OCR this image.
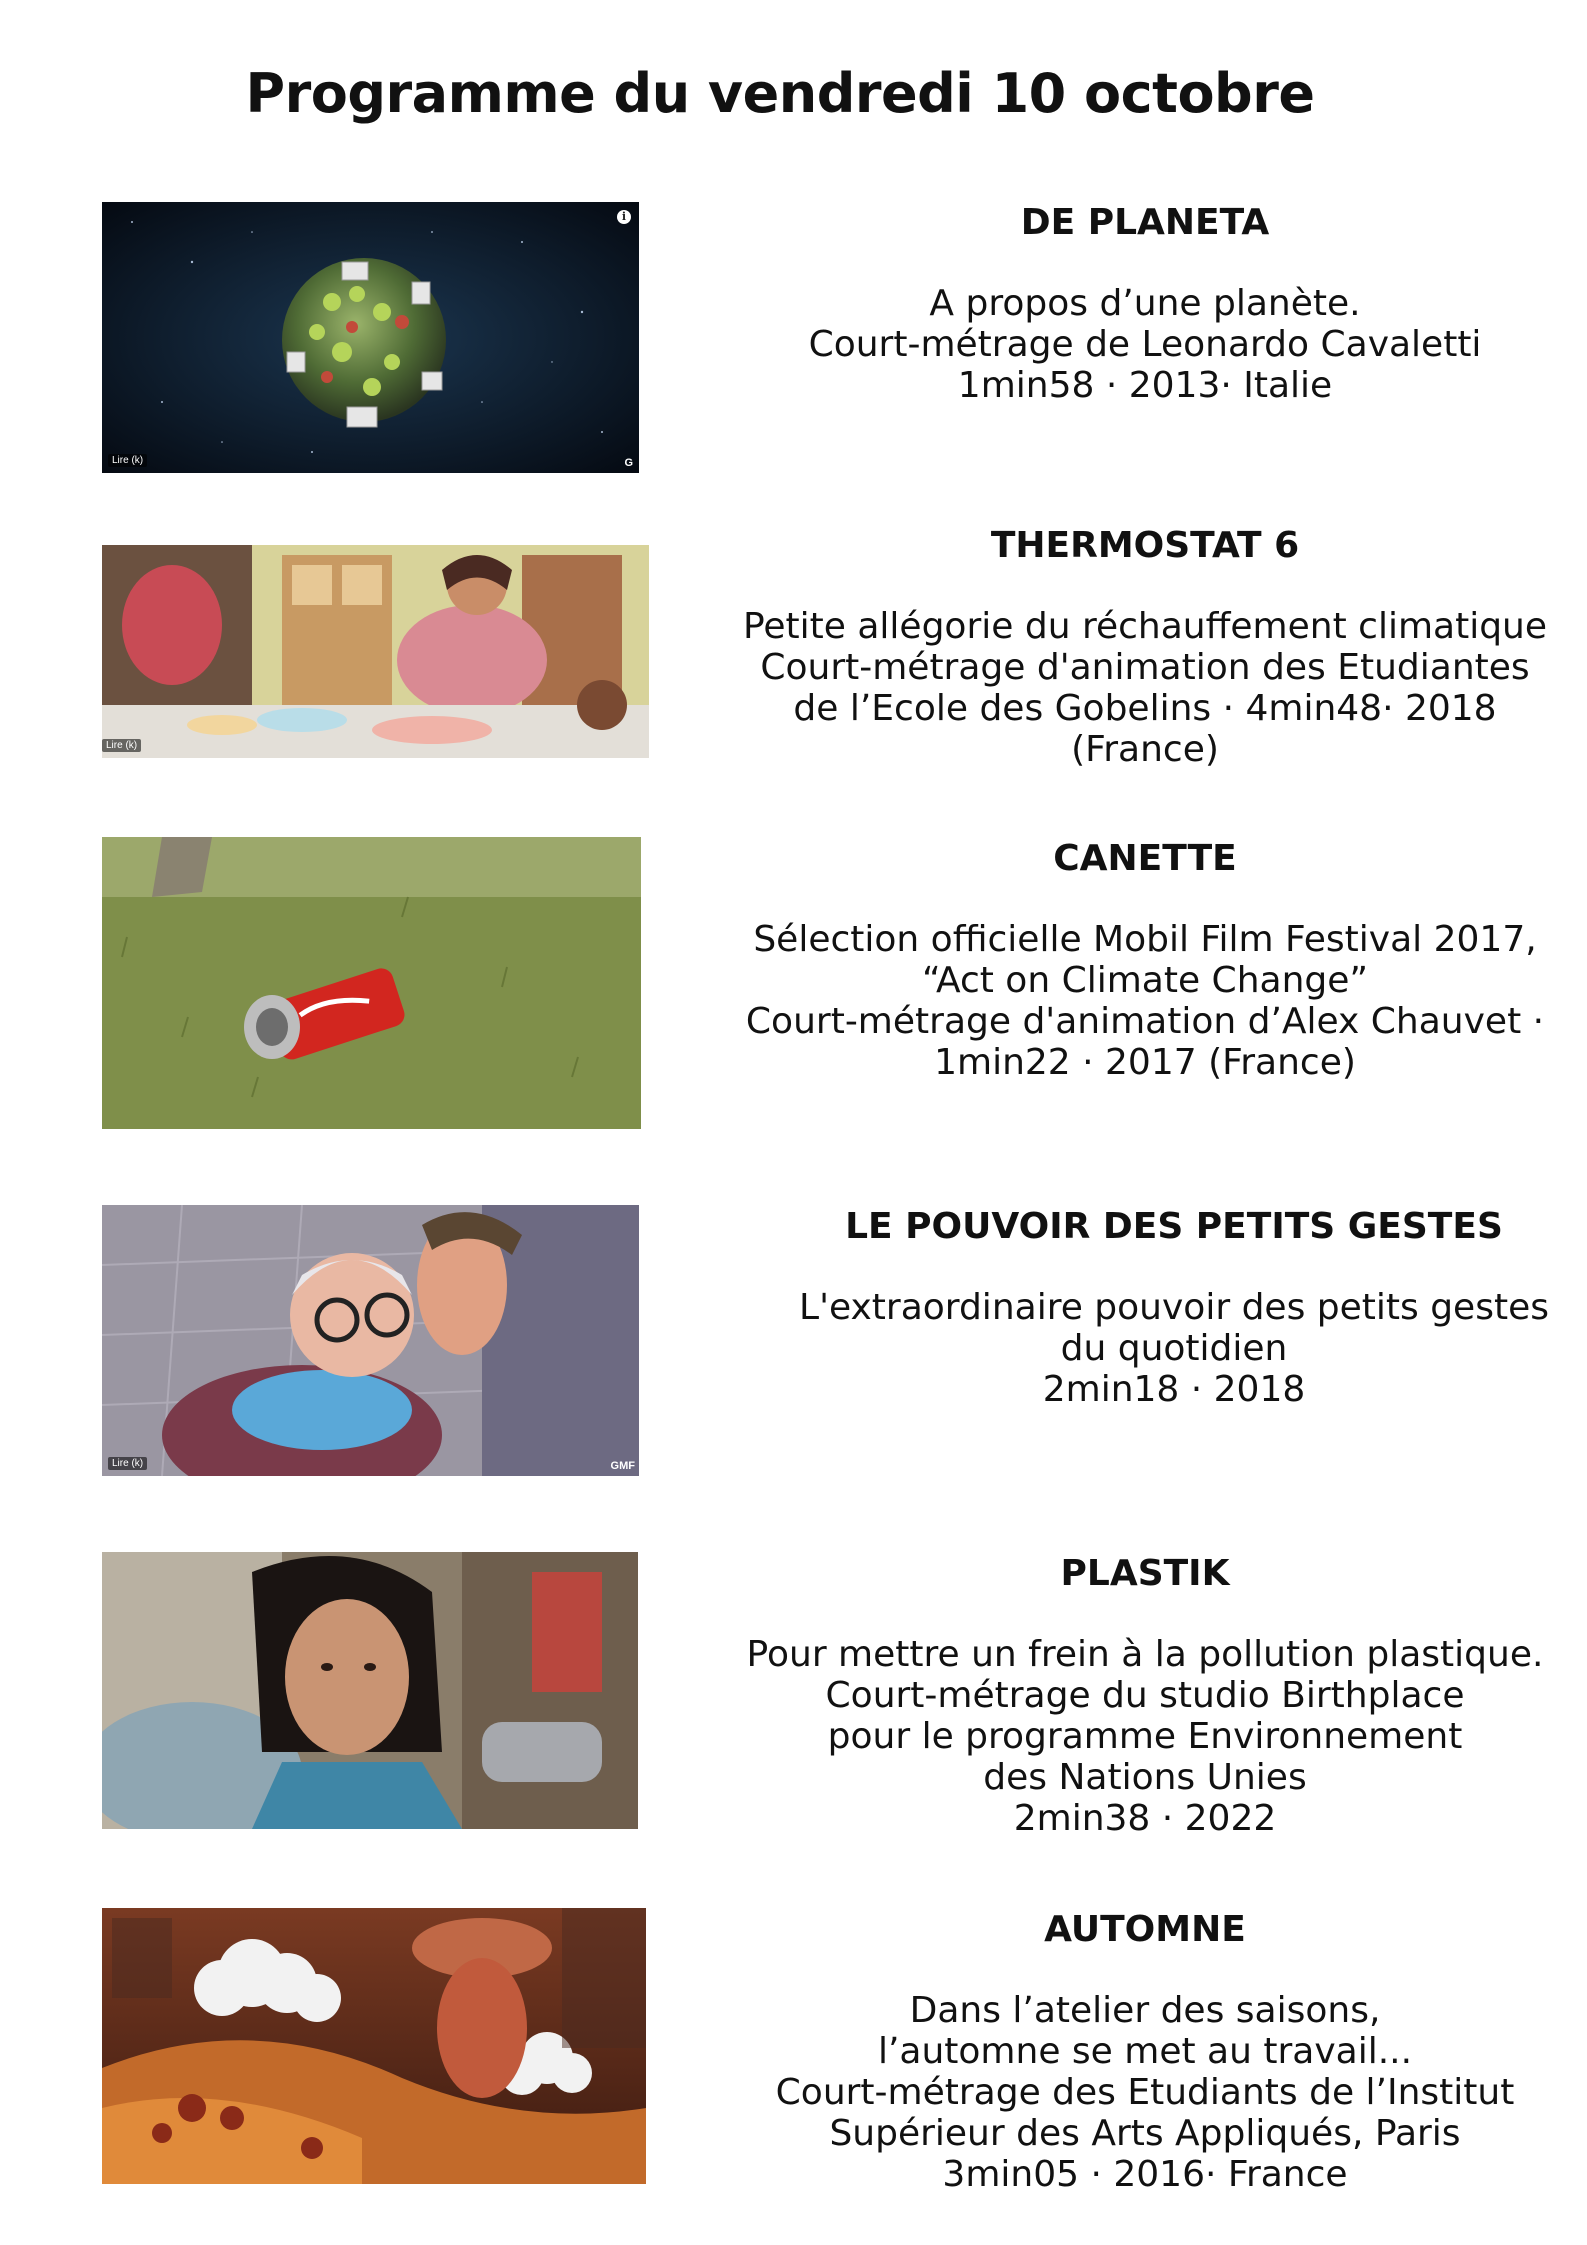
Programme du vendredi 10 octobre
Lire (k)
i
G
DE PLANETA

A propos d’une planète.

Court-métrage de Leonardo Cavaletti

1min58 · 2013· Italie

Lire (k)
THERMOSTAT 6

Petite allégorie du réchauffement climatique

Court-métrage d'animation des Etudiantes

de l’Ecole des Gobelins · 4min48· 2018

(France)

CANETTE

Sélection officielle Mobil Film Festival 2017,

“Act on Climate Change”

Court-métrage d'animation d’Alex Chauvet ·

1min22 · 2017 (France)

Lire (k)	GMF
LE POUVOIR DES PETITS GESTES

L'extraordinaire pouvoir des petits gestes

du quotidien

2min18 · 2018

PLASTIK

Pour mettre un frein à la pollution plastique.

Court-métrage du studio Birthplace

pour le programme Environnement

des Nations Unies

2min38 · 2022

AUTOMNE

Dans l’atelier des saisons,

l’automne se met au travail...

Court-métrage des Etudiants de l’Institut

Supérieur des Arts Appliqués, Paris

3min05 · 2016· France
